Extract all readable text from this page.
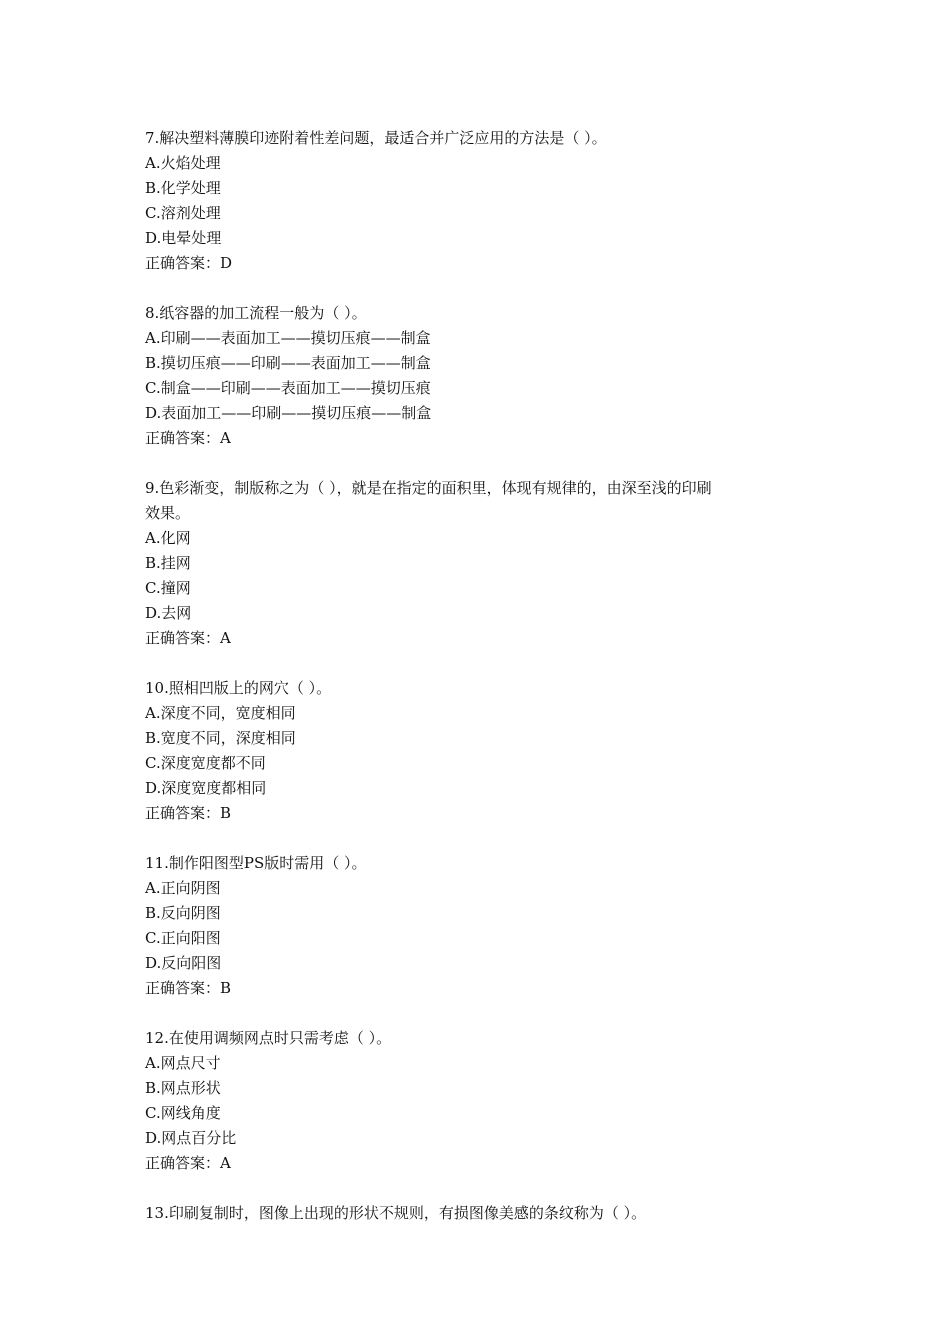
7.解决塑料薄膜印迹附着性差问题，最适合并广泛应用的方法是（ ）。
A.火焰处理
B.化学处理
C.溶剂处理
D.电晕处理
正确答案：D
8.纸容器的加工流程一般为（ ）。
A.印刷——表面加工——摸切压痕——制盒
B.摸切压痕——印刷——表面加工——制盒
C.制盒——印刷——表面加工——摸切压痕
D.表面加工——印刷——摸切压痕——制盒
正确答案：A
9.色彩渐变，制版称之为（ ），就是在指定的面积里，体现有规律的，由深至浅的印刷
效果。
A.化网
B.挂网
C.撞网
D.去网
正确答案：A
10.照相凹版上的网穴（ ）。
A.深度不同，宽度相同
B.宽度不同，深度相同
C.深度宽度都不同
D.深度宽度都相同
正确答案：B
11.制作阳图型PS版时需用（ ）。
A.正向阴图
B.反向阴图
C.正向阳图
D.反向阳图
正确答案：B
12.在使用调频网点时只需考虑（ ）。
A.网点尺寸
B.网点形状
C.网线角度
D.网点百分比
正确答案：A
13.印刷复制时，图像上出现的形状不规则，有损图像美感的条纹称为（ ）。
